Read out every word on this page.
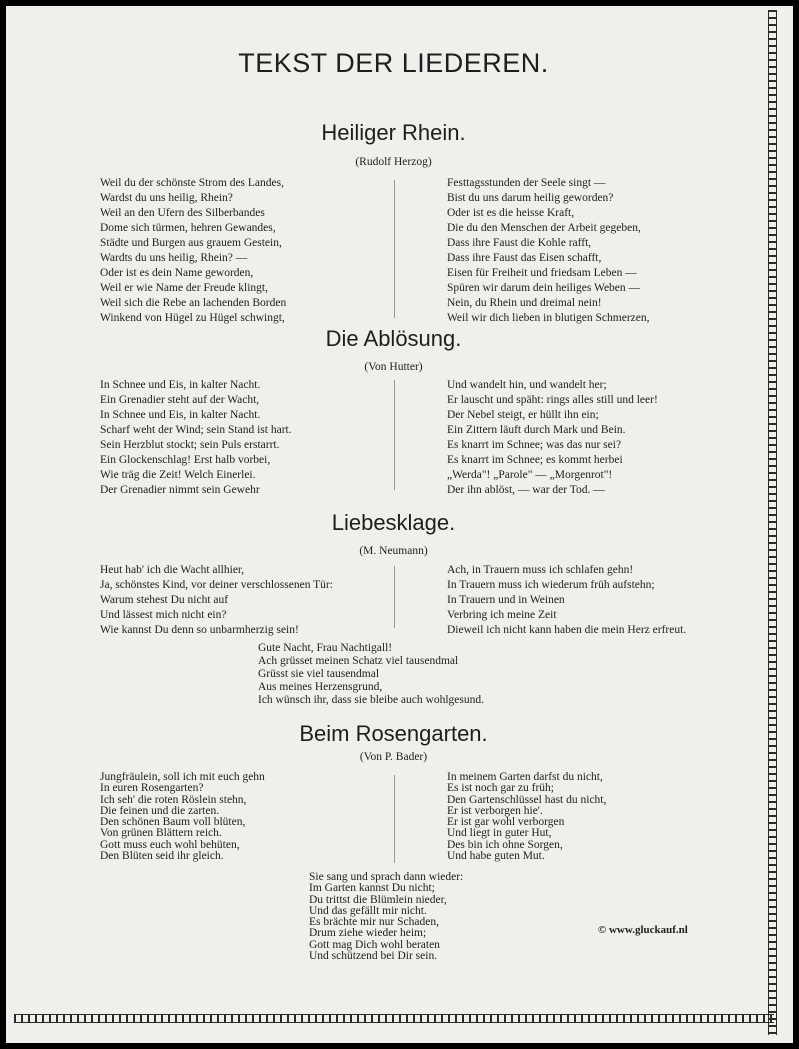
TEKST DER LIEDEREN.
Heiliger Rhein.
(Rudolf Herzog)
Weil du der schönste Strom des Landes,
Wardst du uns heilig, Rhein?
Weil an den Ufern des Silberbandes
Dome sich türmen, hehren Gewandes,
Städte und Burgen aus grauem Gestein,
Wardts du uns heilig, Rhein? —
Oder ist es dein Name geworden,
Weil er wie Name der Freude klingt,
Weil sich die Rebe an lachenden Borden
Winkend von Hügel zu Hügel schwingt,
Festtagsstunden der Seele singt —
Bist du uns darum heilig geworden?
Oder ist es die heisse Kraft,
Die du den Menschen der Arbeit gegeben,
Dass ihre Faust die Kohle rafft,
Dass ihre Faust das Eisen schafft,
Eisen für Freiheit und friedsam Leben —
Spüren wir darum dein heiliges Weben —
Nein, du Rhein und dreimal nein!
Weil wir dich lieben in blutigen Schmerzen,
Die Ablösung.
(Von Hutter)
In Schnee und Eis, in kalter Nacht.
Ein Grenadier steht auf der Wacht,
In Schnee und Eis, in kalter Nacht.
Scharf weht der Wind; sein Stand ist hart.
Sein Herzblut stockt; sein Puls erstarrt.
Ein Glockenschlag! Erst halb vorbei,
Wie träg die Zeit! Welch Einerlei.
Der Grenadier nimmt sein Gewehr
Und wandelt hin, und wandelt her;
Er lauscht und späht: rings alles still und leer!
Der Nebel steigt, er hüllt ihn ein;
Ein Zittern läuft durch Mark und Bein.
Es knarrt im Schnee; was das nur sei?
Es knarrt im Schnee; es kommt herbei
„Werda"! „Parole" — „Morgenrot"!
Der ihn ablöst, — war der Tod. —
Liebesklage.
(M. Neumann)
Heut hab' ich die Wacht allhier,
Ja, schönstes Kind, vor deiner verschlossenen Tür:
Warum stehest Du nicht auf
Und lässest mich nicht ein?
Wie kannst Du denn so unbarmherzig sein!
Ach, in Trauern muss ich schlafen gehn!
In Trauern muss ich wiederum früh aufstehn;
In Trauern und in Weinen
Verbring ich meine Zeit
Dieweil ich nicht kann haben die mein Herz erfreut.
Gute Nacht, Frau Nachtigall!
Ach grüsset meinen Schatz viel tausendmal
Grüsst sie viel tausendmal
Aus meines Herzensgrund,
Ich wünsch ihr, dass sie bleibe auch wohlgesund.
Beim Rosengarten.
(Von P. Bader)
Jungfräulein, soll ich mit euch gehn
In euren Rosengarten?
Ich seh' die roten Röslein stehn,
Die feinen und die zarten.
Den schönen Baum voll blüten,
Von grünen Blättern reich.
Gott muss euch wohl behüten,
Den Blüten seid ihr gleich.
In meinem Garten darfst du nicht,
Es ist noch gar zu früh;
Den Gartenschlüssel hast du nicht,
Er ist verborgen hie'.
Er ist gar wohl verborgen
Und liegt in guter Hut,
Des bin ich ohne Sorgen,
Und habe guten Mut.
Sie sang und sprach dann wieder:
Im Garten kannst Du nicht;
Du trittst die Blümlein nieder,
Und das gefällt mir nicht.
Es brächte mir nur Schaden,
Drum ziehe wieder heim;
Gott mag Dich wohl beraten
Und schützend bei Dir sein.
© www.gluckauf.nl
